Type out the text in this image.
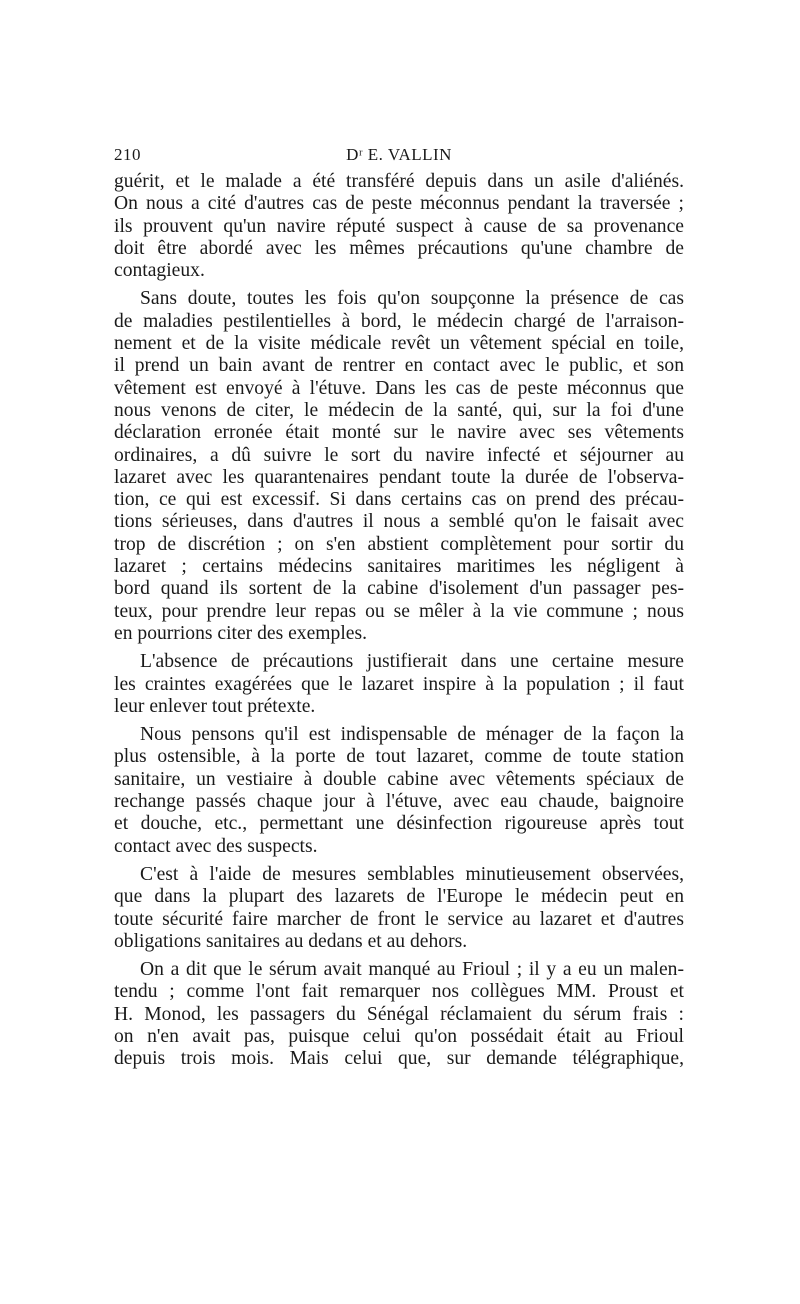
210	Dʳ E. VALLIN

guérit, et le malade a été transféré depuis dans un asile d'aliénés.
On nous a cité d'autres cas de peste méconnus pendant la traversée ;
ils prouvent qu'un navire réputé suspect à cause de sa provenance
doit être abordé avec les mêmes précautions qu'une chambre de
contagieux.

Sans doute, toutes les fois qu'on soupçonne la présence de cas
de maladies pestilentielles à bord, le médecin chargé de l'arraison-
nement et de la visite médicale revêt un vêtement spécial en toile,
il prend un bain avant de rentrer en contact avec le public, et son
vêtement est envoyé à l'étuve. Dans les cas de peste méconnus que
nous venons de citer, le médecin de la santé, qui, sur la foi d'une
déclaration erronée était monté sur le navire avec ses vêtements
ordinaires, a dû suivre le sort du navire infecté et séjourner au
lazaret avec les quarantenaires pendant toute la durée de l'observa-
tion, ce qui est excessif. Si dans certains cas on prend des précau-
tions sérieuses, dans d'autres il nous a semblé qu'on le faisait avec
trop de discrétion ; on s'en abstient complètement pour sortir du
lazaret ; certains médecins sanitaires maritimes les négligent à
bord quand ils sortent de la cabine d'isolement d'un passager pes-
teux, pour prendre leur repas ou se mêler à la vie commune ; nous
en pourrions citer des exemples.

L'absence de précautions justifierait dans une certaine mesure
les craintes exagérées que le lazaret inspire à la population ; il faut
leur enlever tout prétexte.

Nous pensons qu'il est indispensable de ménager de la façon la
plus ostensible, à la porte de tout lazaret, comme de toute station
sanitaire, un vestiaire à double cabine avec vêtements spéciaux de
rechange passés chaque jour à l'étuve, avec eau chaude, baignoire
et douche, etc., permettant une désinfection rigoureuse après tout
contact avec des suspects.

C'est à l'aide de mesures semblables minutieusement observées,
que dans la plupart des lazarets de l'Europe le médecin peut en
toute sécurité faire marcher de front le service au lazaret et d'autres
obligations sanitaires au dedans et au dehors.

On a dit que le sérum avait manqué au Frioul ; il y a eu un malen-
tendu ; comme l'ont fait remarquer nos collègues MM. Proust et
H. Monod, les passagers du Sénégal réclamaient du sérum frais :
on n'en avait pas, puisque celui qu'on possédait était au Frioul
depuis trois mois. Mais celui que, sur demande télégraphique,
